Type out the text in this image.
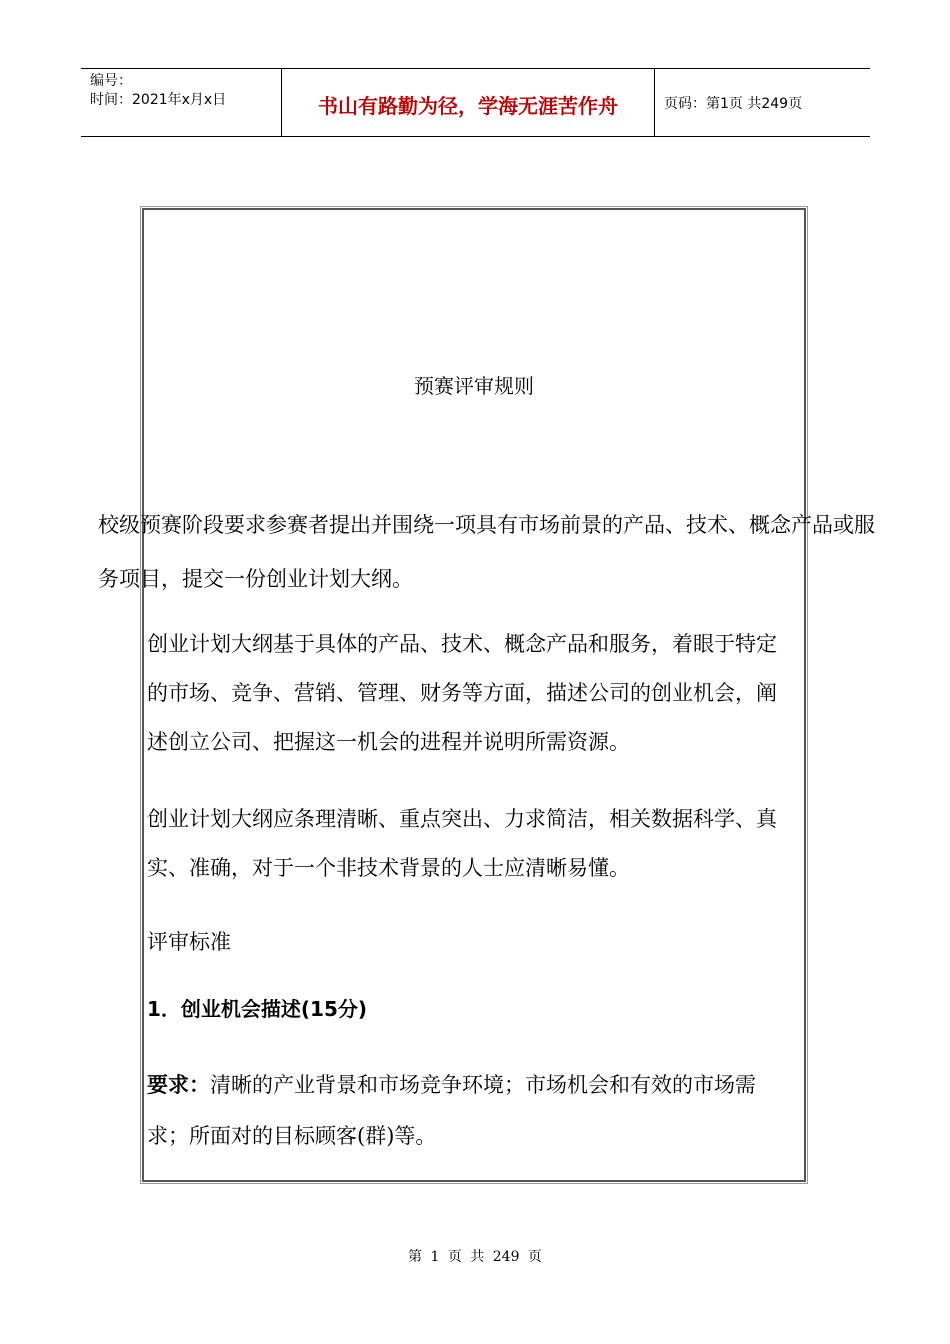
编号：
时间：2021年x月x日	书山有路勤为径，学海无涯苦作舟	页码：第1页 共249页
预赛评审规则
校级预赛阶段要求参赛者提出并围绕一项具有市场前景的产品、技术、概念产品或服务项目，提交一份创业计划大纲。
创业计划大纲基于具体的产品、技术、概念产品和服务，着眼于特定的市场、竞争、营销、管理、财务等方面，描述公司的创业机会，阐述创立公司、把握这一机会的进程并说明所需资源。
创业计划大纲应条理清晰、重点突出、力求简洁，相关数据科学、真实、准确，对于一个非技术背景的人士应清晰易懂。
评审标准
1．创业机会描述(15分)
要求：清晰的产业背景和市场竞争环境；市场机会和有效的市场需求；所面对的目标顾客(群)等。
第 1 页 共 249 页
